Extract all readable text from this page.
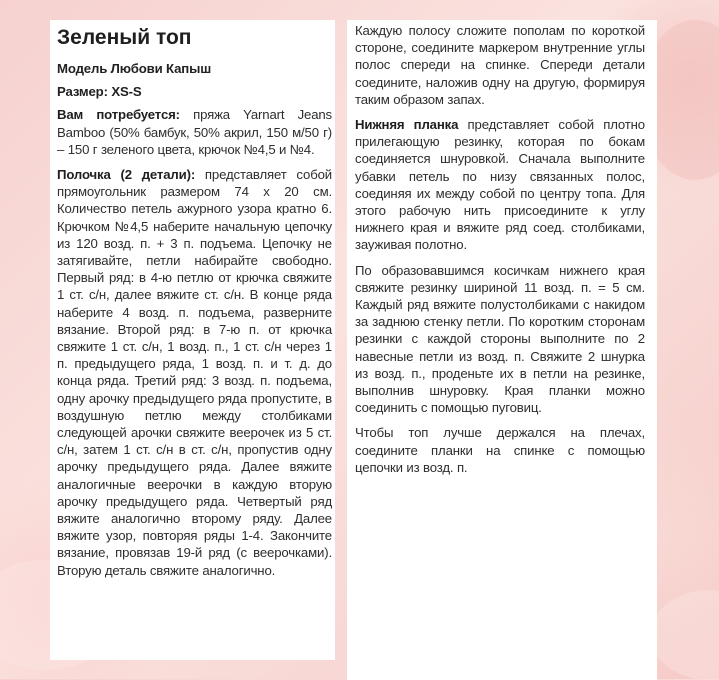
Зеленый топ

Модель Любови Капыш

Размер: XS-S

Вам потребуется: пряжа Yarnart Jeans Bamboo (50% бамбук, 50% акрил, 150 м/50 г) – 150 г зеленого цвета, крючок №4,5 и №4.

Полочка (2 детали): представляет собой прямоугольник размером 74 х 20 см. Количество петель ажурного узора кратно 6. Крючком №4,5 наберите начальную цепочку из 120 возд. п. + 3 п. подъема. Цепочку не затягивайте, петли набирайте свободно. Первый ряд: в 4-ю петлю от крючка свяжите 1 ст. с/н, далее вяжите ст. с/н. В конце ряда наберите 4 возд. п. подъема, разверните вязание. Второй ряд: в 7-ю п. от крючка свяжите 1 ст. с/н, 1 возд. п., 1 ст. с/н через 1 п. предыдущего ряда, 1 возд. п. и т. д. до конца ряда. Третий ряд: 3 возд. п. подъема, одну арочку предыдущего ряда пропустите, в воздушную петлю между столбиками следующей арочки свяжите веерочек из 5 ст. с/н, затем 1 ст. с/н в ст. с/н, пропустив одну арочку предыдущего ряда. Далее вяжите аналогичные веерочки в каждую вторую арочку предыдущего ряда. Четвертый ряд вяжите аналогично второму ряду. Далее вяжите узор, повторяя ряды 1-4. Закончите вязание, провязав 19-й ряд (с веерочками). Вторую деталь свяжите аналогично.

Каждую полосу сложите пополам по короткой стороне, соедините маркером внутренние углы полос спереди на спинке. Спереди детали соедините, наложив одну на другую, формируя таким образом запах.

Нижняя планка представляет собой плотно прилегающую резинку, которая по бокам соединяется шнуровкой. Сначала выполните убавки петель по низу связанных полос, соединяя их между собой по центру топа. Для этого рабочую нить присоедините к углу нижнего края и вяжите ряд соед. столбиками, зауживая полотно.

По образовавшимся косичкам нижнего края свяжите резинку шириной 11 возд. п. = 5 см. Каждый ряд вяжите полустолбиками с накидом за заднюю стенку петли. По коротким сторонам резинки с каждой стороны выполните по 2 навесные петли из возд. п. Свяжите 2 шнурка из возд. п., проденьте их в петли на резинке, выполнив шнуровку. Края планки можно соединить с помощью пуговиц.

Чтобы топ лучше держался на плечах, соедините планки на спинке с помощью цепочки из возд. п.
